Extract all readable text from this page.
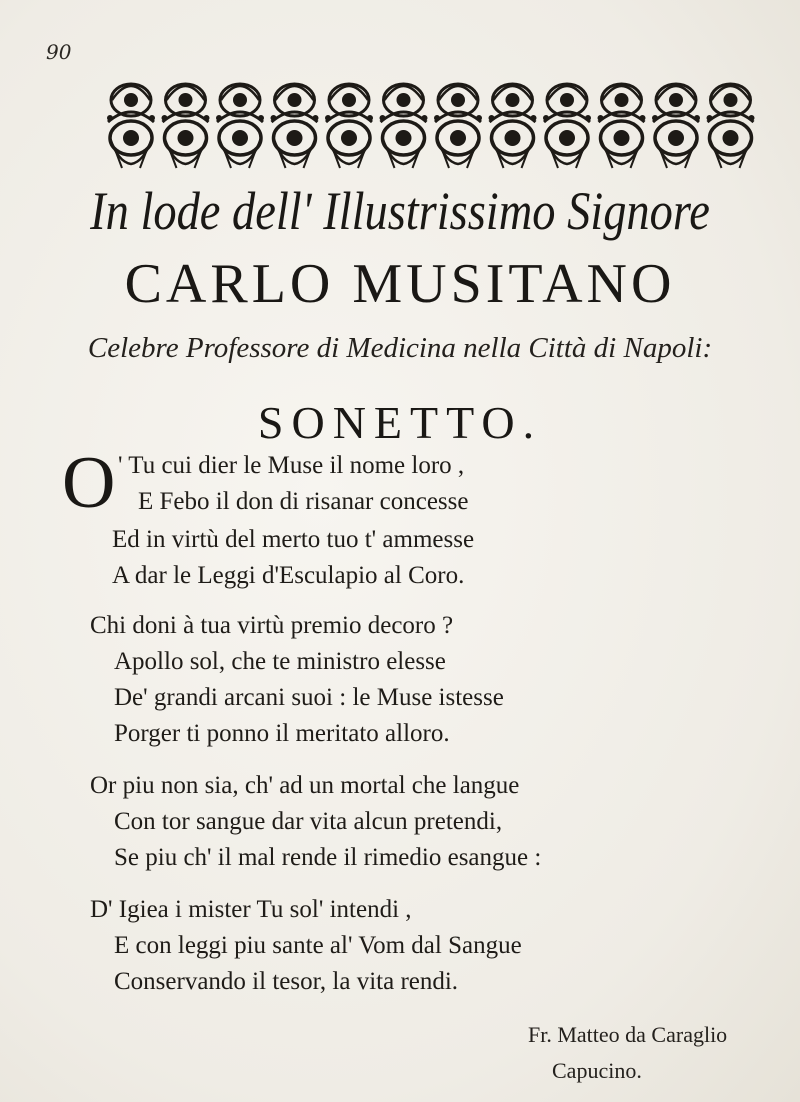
90
In lode dell' Illustrissimo Signore
CARLO MUSITANO
Celebre Professore di Medicina nella Città di Napoli:
SONETTO.
O ' Tu cui dier le Muse il nome loro ,
E Febo il don di risanar concesse
Ed in virtù del merto tuo t' ammesse
A dar le Leggi d'Esculapio al Coro.
Chi doni à tua virtù premio decoro ?
Apollo sol, che te ministro elesse
De' grandi arcani suoi : le Muse istesse
Porger ti ponno il meritato alloro.
Or piu non sia, ch' ad un mortal che langue
Con tor sangue dar vita alcun pretendi,
Se piu ch' il mal rende il rimedio esangue :
D' Igiea i mister Tu sol' intendi ,
E con leggi piu sante al' Vom dal Sangue
Conservando il tesor, la vita rendi.
Fr. Matteo da Caraglio
Capucino.
